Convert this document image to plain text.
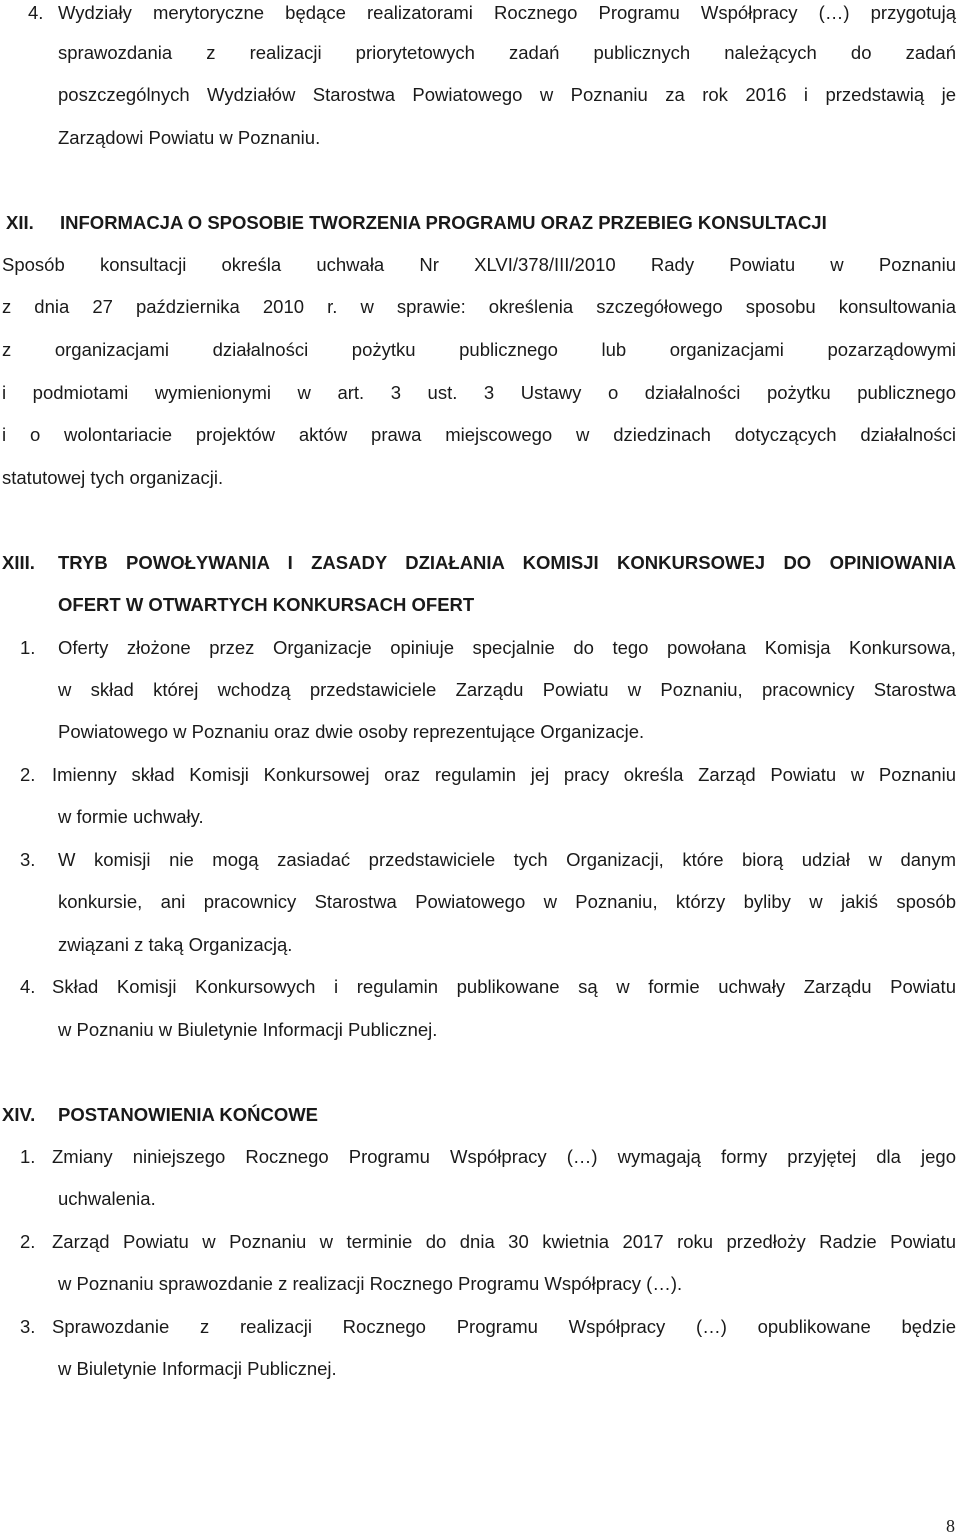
4. Wydziały merytoryczne będące realizatorami Rocznego Programu Współpracy (…) przygotują
sprawozdania z realizacji priorytetowych zadań publicznych należących do zadań
poszczególnych Wydziałów Starostwa Powiatowego w Poznaniu za rok 2016 i przedstawią je
Zarządowi Powiatu w Poznaniu.
XII. INFORMACJA O SPOSOBIE TWORZENIA PROGRAMU ORAZ PRZEBIEG KONSULTACJI
Sposób konsultacji określa uchwała Nr XLVI/378/III/2010 Rady Powiatu w Poznaniu
z dnia 27 października 2010 r. w sprawie: określenia szczegółowego sposobu konsultowania
z organizacjami działalności pożytku publicznego lub organizacjami pozarządowymi
i podmiotami wymienionymi w art. 3 ust. 3 Ustawy o działalności pożytku publicznego
i o wolontariacie projektów aktów prawa miejscowego w dziedzinach dotyczących działalności
statutowej tych organizacji.
XIII. TRYB POWOŁYWANIA I ZASADY DZIAŁANIA KOMISJI KONKURSOWEJ DO OPINIOWANIA
OFERT W OTWARTYCH KONKURSACH OFERT
1. Oferty złożone przez Organizacje opiniuje specjalnie do tego powołana Komisja Konkursowa,
w skład której wchodzą przedstawiciele Zarządu Powiatu w Poznaniu, pracownicy Starostwa
Powiatowego w Poznaniu oraz dwie osoby reprezentujące Organizacje.
2. Imienny skład Komisji Konkursowej oraz regulamin jej pracy określa Zarząd Powiatu w Poznaniu
w formie uchwały.
3. W komisji nie mogą zasiadać przedstawiciele tych Organizacji, które biorą udział w danym
konkursie, ani pracownicy Starostwa Powiatowego w Poznaniu, którzy byliby w jakiś sposób
związani z taką Organizacją.
4. Skład Komisji Konkursowych i regulamin publikowane są w formie uchwały Zarządu Powiatu
w Poznaniu w Biuletynie Informacji Publicznej.
XIV. POSTANOWIENIA KOŃCOWE
1. Zmiany niniejszego Rocznego Programu Współpracy (…) wymagają formy przyjętej dla jego
uchwalenia.
2. Zarząd Powiatu w Poznaniu w terminie do dnia 30 kwietnia 2017 roku przedłoży Radzie Powiatu
w Poznaniu sprawozdanie z realizacji Rocznego Programu Współpracy (…).
3. Sprawozdanie z realizacji Rocznego Programu Współpracy (…) opublikowane będzie
w Biuletynie Informacji Publicznej.
8
